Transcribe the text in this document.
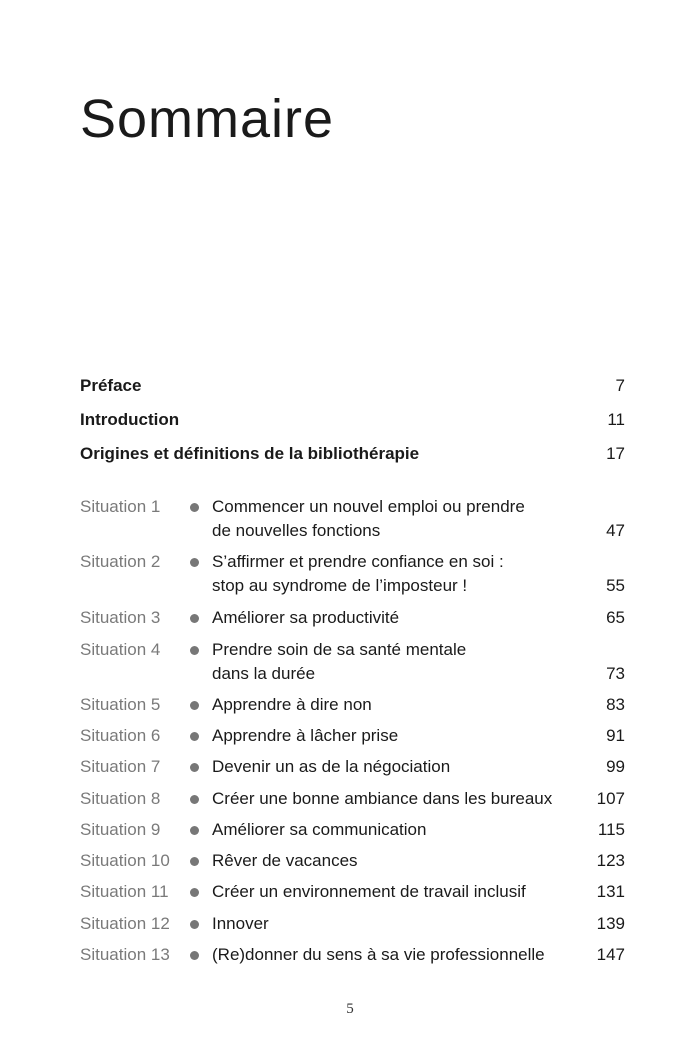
Sommaire
Préface	7
Introduction	11
Origines et définitions de la bibliothérapie	17
Situation 1	Commencer un nouvel emploi ou prendre
de nouvelles fonctions	47
Situation 2	S’affirmer et prendre confiance en soi :
stop au syndrome de l’imposteur !	55
Situation 3	Améliorer sa productivité	65
Situation 4	Prendre soin de sa santé mentale
dans la durée	73
Situation 5	Apprendre à dire non	83
Situation 6	Apprendre à lâcher prise	91
Situation 7	Devenir un as de la négociation	99
Situation 8	Créer une bonne ambiance dans les bureaux	107
Situation 9	Améliorer sa communication	115
Situation 10 Rêver de vacances	123
Situation 11	Créer un environnement de travail inclusif	131
Situation 12 Innover	139
Situation 13 (Re)donner du sens à sa vie professionnelle	147
5
